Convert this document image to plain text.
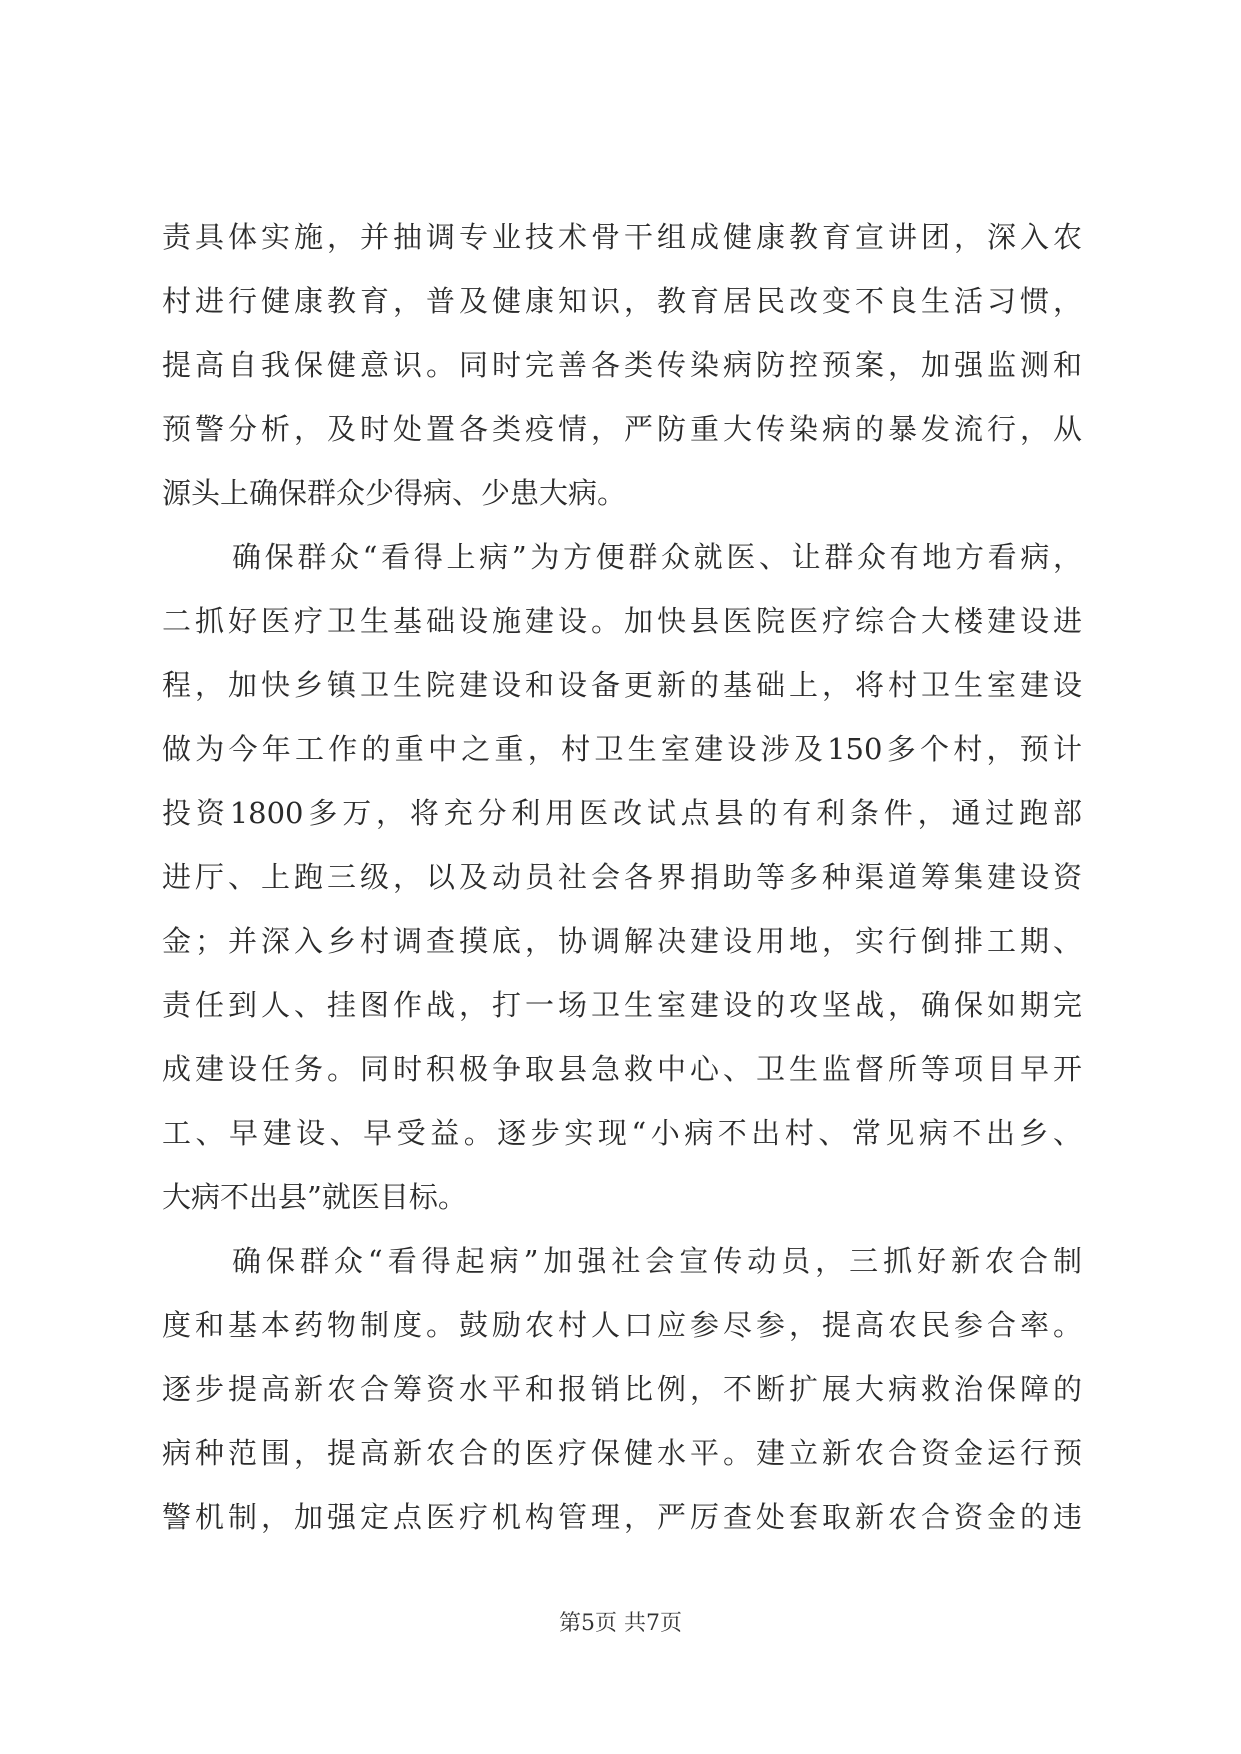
责具体实施，并抽调专业技术骨干组成健康教育宣讲团，深入农
村进行健康教育，普及健康知识，教育居民改变不良生活习惯，
提高自我保健意识。同时完善各类传染病防控预案，加强监测和
预警分析，及时处置各类疫情，严防重大传染病的暴发流行，从
源头上确保群众少得病、少患大病。
确保群众“看得上病”为方便群众就医、让群众有地方看病，
二抓好医疗卫生基础设施建设。加快县医院医疗综合大楼建设进
程，加快乡镇卫生院建设和设备更新的基础上，将村卫生室建设
做为今年工作的重中之重，村卫生室建设涉及150多个村，预计
投资1800多万，将充分利用医改试点县的有利条件，通过跑部
进厅、上跑三级，以及动员社会各界捐助等多种渠道筹集建设资
金；并深入乡村调查摸底，协调解决建设用地，实行倒排工期、
责任到人、挂图作战，打一场卫生室建设的攻坚战，确保如期完
成建设任务。同时积极争取县急救中心、卫生监督所等项目早开
工、早建设、早受益。逐步实现“小病不出村、常见病不出乡、
大病不出县”就医目标。
确保群众“看得起病”加强社会宣传动员，三抓好新农合制
度和基本药物制度。鼓励农村人口应参尽参，提高农民参合率。
逐步提高新农合筹资水平和报销比例，不断扩展大病救治保障的
病种范围，提高新农合的医疗保健水平。建立新农合资金运行预
警机制，加强定点医疗机构管理，严厉查处套取新农合资金的违
第5页 共7页
